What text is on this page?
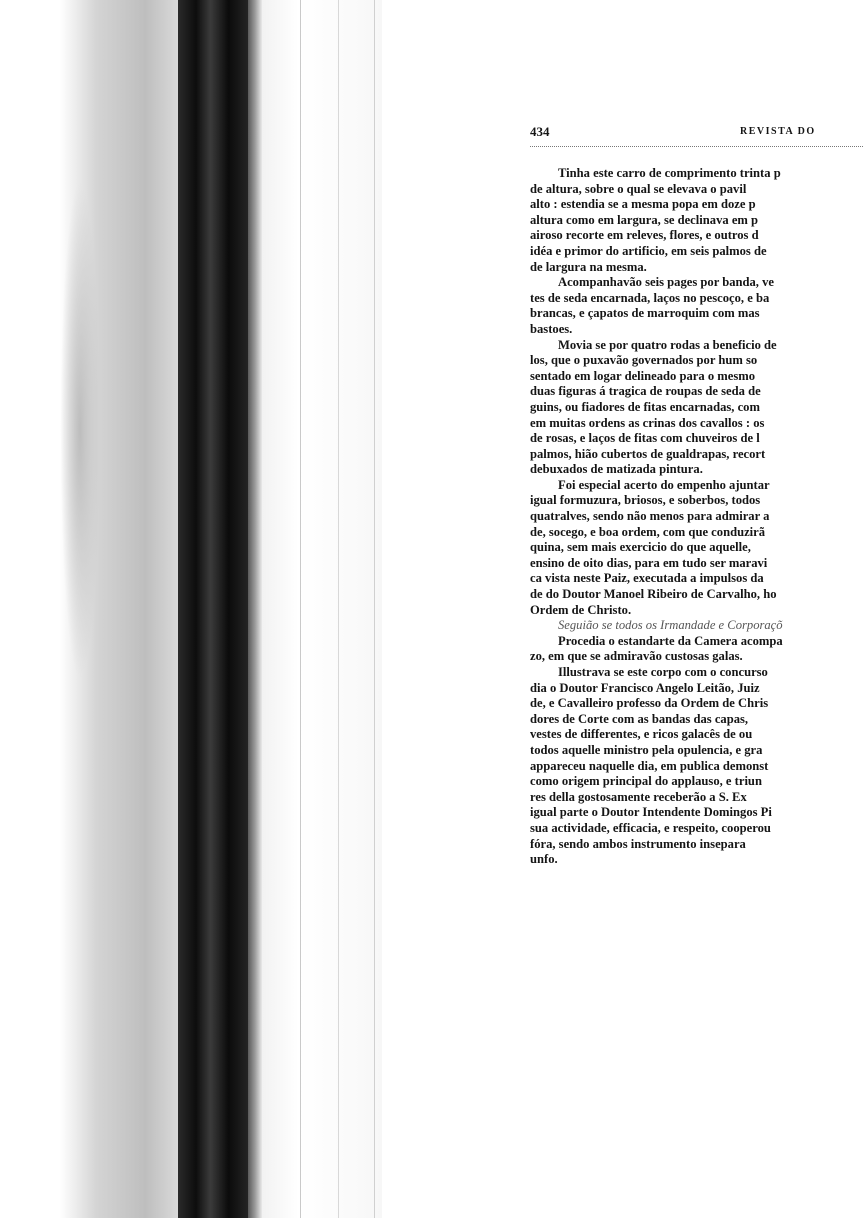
434	REVISTA DO
Tinha este carro de comprimento trinta p
de altura, sobre o qual se elevava o pavil
alto : estendia se a mesma popa em doze p
altura como em largura, se declinava em p
airoso recorte em releves, flores, e outros d
idéa e primor do artificio, em seis palmos de
de largura na mesma.
Acompanhavão seis pages por banda, ve
tes de seda encarnada, laços no pescoço, e ba
brancas, e çapatos de marroquim com mas
bastoes.
Movia se por quatro rodas a beneficio de
los, que o puxavão governados por hum so
sentado em logar delineado para o mesmo
duas figuras á tragica de roupas de seda de
guins, ou fiadores de fitas encarnadas, com
em muitas ordens as crinas dos cavallos : os
de rosas, e laços de fitas com chuveiros de l
palmos, hião cubertos de gualdrapas, recort
debuxados de matizada pintura.
Foi especial acerto do empenho ajuntar
igual formuzura, briosos, e soberbos, todos
quatralves, sendo não menos para admirar a
de, socego, e boa ordem, com que conduzirã
quina, sem mais exercicio do que aquelle,
ensino de oito dias, para em tudo ser maravi
ca vista neste Paiz, executada a impulsos da
de do Doutor Manoel Ribeiro de Carvalho, ho
Ordem de Christo.
Seguião se todos os Irmandade e Corporaçõ
Procedia o estandarte da Camera acompa
zo, em que se admiravão custosas galas.
Illustrava se este corpo com o concurso
dia o Doutor Francisco Angelo Leitão, Juiz
de, e Cavalleiro professo da Ordem de Chris
dores de Corte com as bandas das capas,
vestes de differentes, e ricos galacês de ou
todos aquelle ministro pela opulencia, e gra
appareceu naquelle dia, em publica demonst
como origem principal do applauso, e triun
res della gostosamente receberão a S. Ex
igual parte o Doutor Intendente Domingos Pi
sua actividade, efficacia, e respeito, cooperou
fóra, sendo ambos instrumento insepara
unfo.
